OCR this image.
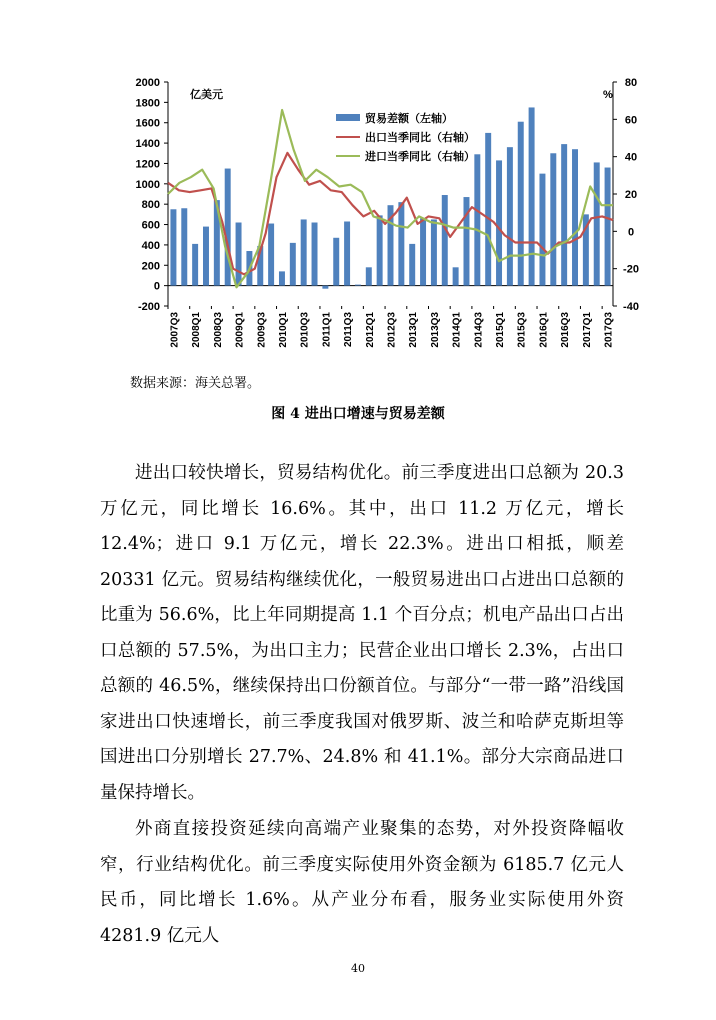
2000
1800
1600
1400
1200
1000
800
600
400
200
0
-200
80
60
40
20
0
-20
-40
亿美元	%
2007Q3 2008Q1 2008Q3 2009Q1 2009Q3 2010Q1 2010Q3 2011Q1 2011Q3 2012Q1 2012Q3 2013Q1 2013Q3 2014Q1 2014Q3 2015Q1 2015Q3 2016Q1 2016Q3 2017Q1 2017Q3
贸易差额（左轴）
出口当季同比（右轴）
进口当季同比（右轴）
数据来源：海关总署。
图 4 进出口增速与贸易差额

进出口较快增长，贸易结构优化。前三季度进出口总额为 20.3 万亿元，同比增长 16.6%。其中，出口 11.2 万亿元，增长 12.4%；进口 9.1 万亿元，增长 22.3%。进出口相抵，顺差 20331 亿元。贸易结构继续优化，一般贸易进出口占进出口总额的比重为 56.6%，比上年同期提高 1.1 个百分点；机电产品出口占出口总额的 57.5%，为出口主力；民营企业出口增长 2.3%，占出口总额的 46.5%，继续保持出口份额首位。与部分“一带一路”沿线国家进出口快速增长，前三季度我国对俄罗斯、波兰和哈萨克斯坦等国进出口分别增长 27.7%、24.8% 和 41.1%。部分大宗商品进口量保持增长。

外商直接投资延续向高端产业聚集的态势，对外投资降幅收窄，行业结构优化。前三季度实际使用外资金额为 6185.7 亿元人民币，同比增长 1.6%。从产业分布看，服务业实际使用外资 4281.9 亿元人

40
